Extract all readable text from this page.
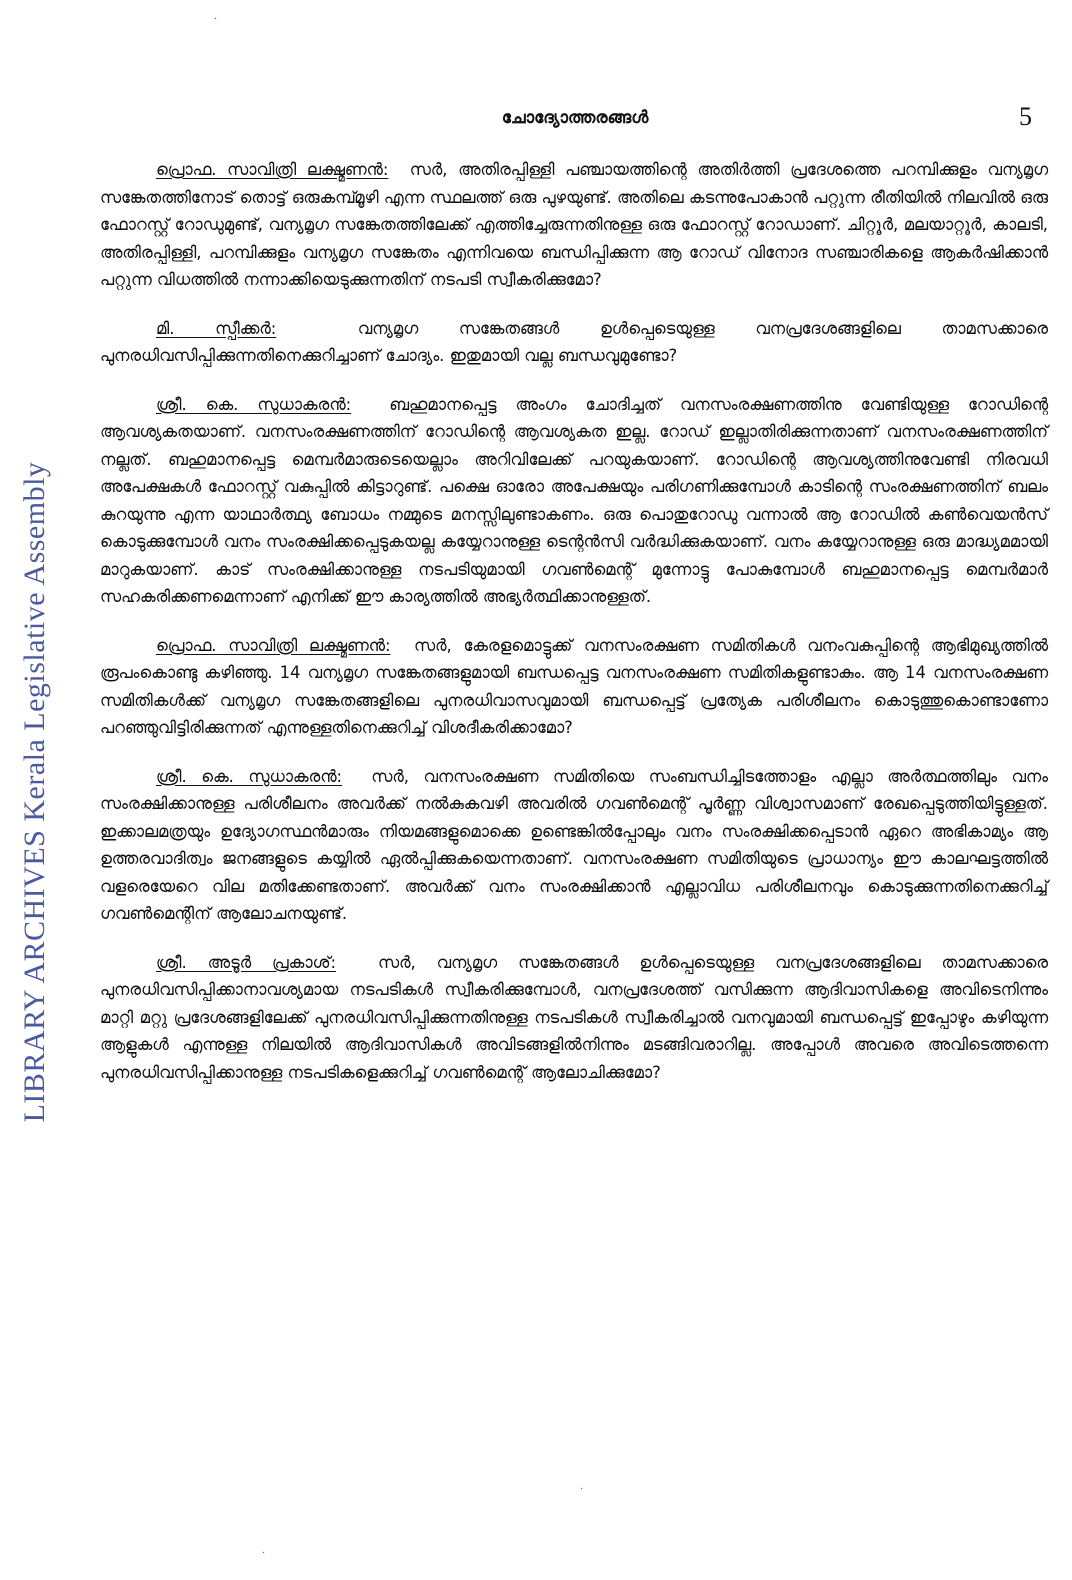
LIBRARY ARCHIVES Kerala Legislative Assembly
ചോദ്യോത്തരങ്ങൾ	5

പ്രൊഫ. സാവിത്രി ലക്ഷ്മണൻ: സർ, അതിരപ്പിള്ളി പഞ്ചായത്തിന്റെ അതിർത്തി പ്രദേശത്തെ പറമ്പിക്കുളം വന്യമൃഗ സങ്കേതത്തിനോട് തൊട്ട് ഒരുകമ്പ്മൂഴി എന്ന സ്ഥലത്ത് ഒരു പുഴയുണ്ട്. അതിലെ കടന്നുപോകാൻ പറ്റുന്ന രീതിയിൽ നിലവിൽ ഒരു ഫോറസ്റ്റ് റോഡുമുണ്ട്, വന്യമൃഗ സങ്കേതത്തിലേക്ക് എത്തിച്ചേരുന്നതിനുള്ള ഒരു ഫോറസ്റ്റ് റോഡാണ്. ചിറ്റൂർ, മലയാറ്റൂർ, കാലടി, അതിരപ്പിള്ളി, പറമ്പിക്കുളം വന്യമൃഗ സങ്കേതം എന്നിവയെ ബന്ധിപ്പിക്കുന്ന ആ റോഡ് വിനോദ സഞ്ചാരികളെ ആകർഷിക്കാൻ പറ്റുന്ന വിധത്തിൽ നന്നാക്കിയെടുക്കുന്നതിന് നടപടി സ്വീകരിക്കുമോ?

മി. സ്പീക്കർ:	വന്യമൃഗ സങ്കേതങ്ങൾ ഉൾപ്പെടെയുള്ള വനപ്രദേശങ്ങളിലെ താമസക്കാരെ പുനരധിവസിപ്പിക്കുന്നതിനെക്കുറിച്ചാണ് ചോദ്യം. ഇതുമായി വല്ല ബന്ധവുമുണ്ടോ?

ശ്രീ. കെ. സുധാകരൻ: ബഹുമാനപ്പെട്ട അംഗം ചോദിച്ചത് വനസംരക്ഷണത്തിനു വേണ്ടിയുള്ള റോഡിന്റെ ആവശ്യകതയാണ്. വനസംരക്ഷണത്തിന് റോഡിന്റെ ആവശ്യകത ഇല്ല. റോഡ് ഇല്ലാതിരിക്കുന്നതാണ് വനസംരക്ഷണത്തിന് നല്ലത്. ബഹുമാനപ്പെട്ട മെമ്പർമാരുടെയെല്ലാം അറിവിലേക്ക് പറയുകയാണ്. റോഡിന്റെ ആവശ്യത്തിനുവേണ്ടി നിരവധി അപേക്ഷകൾ ഫോറസ്റ്റ് വകുപ്പിൽ കിട്ടാറുണ്ട്. പക്ഷെ ഓരോ അപേക്ഷയും പരിഗണിക്കുമ്പോൾ കാടിന്റെ സംരക്ഷണത്തിന് ബലം കുറയുന്നു എന്ന യാഥാർത്ഥ്യ ബോധം നമ്മുടെ മനസ്സിലുണ്ടാകണം. ഒരു പൊതുറോഡു വന്നാൽ ആ റോഡിൽ കൺവെയൻസ് കൊടുക്കുമ്പോൾ വനം സംരക്ഷിക്കപ്പെടുകയല്ല കയ്യേറാനുള്ള ടെന്റൻസി വർദ്ധിക്കുകയാണ്. വനം കയ്യേറാനുള്ള ഒരു മാദ്ധ്യമമായി മാറുകയാണ്. കാട് സംരക്ഷിക്കാനുള്ള നടപടിയുമായി ഗവൺമെന്റ് മുന്നോട്ടു പോകുമ്പോൾ ബഹുമാനപ്പെട്ട മെമ്പർമാർ സഹകരിക്കണമെന്നാണ് എനിക്ക് ഈ കാര്യത്തിൽ അഭ്യർത്ഥിക്കാനുള്ളത്.

പ്രൊഫ. സാവിത്രി ലക്ഷ്മണൻ: സർ, കേരളമൊട്ടുക്ക് വനസംരക്ഷണ സമിതികൾ വനംവകുപ്പിന്റെ ആഭിമുഖ്യത്തിൽ രൂപംകൊണ്ടു കഴിഞ്ഞു. 14 വന്യമൃഗ സങ്കേതങ്ങളുമായി ബന്ധപ്പെട്ട വനസംരക്ഷണ സമിതികളുണ്ടാകും. ആ 14 വനസംരക്ഷണ സമിതികൾക്ക് വന്യമൃഗ സങ്കേതങ്ങളിലെ പുനരധിവാസവുമായി ബന്ധപ്പെട്ട് പ്രത്യേക പരിശീലനം കൊടുത്തുകൊണ്ടാണോ പറഞ്ഞുവിട്ടിരിക്കുന്നത് എന്നുള്ളതിനെക്കുറിച്ച് വിശദീകരിക്കാമോ?

ശ്രീ. കെ. സുധാകരൻ: സർ, വനസംരക്ഷണ സമിതിയെ സംബന്ധിച്ചിടത്തോളം എല്ലാ അർത്ഥത്തിലും വനം സംരക്ഷിക്കാനുള്ള പരിശീലനം അവർക്ക് നൽകുകവഴി അവരിൽ ഗവൺമെന്റ് പൂർണ്ണ വിശ്വാസമാണ് രേഖപ്പെടുത്തിയിട്ടുള്ളത്. ഇക്കാലമത്രയും ഉദ്യോഗസ്ഥൻമാരും നിയമങ്ങളുമൊക്കെ ഉണ്ടെങ്കിൽപ്പോലും വനം സംരക്ഷിക്കപ്പെടാൻ ഏറെ അഭികാമ്യം ആ ഉത്തരവാദിത്വം ജനങ്ങളുടെ കയ്യിൽ ഏൽപ്പിക്കുകയെന്നതാണ്. വനസംരക്ഷണ സമിതിയുടെ പ്രാധാന്യം ഈ കാലഘട്ടത്തിൽ വളരെയേറെ വില മതിക്കേണ്ടതാണ്. അവർക്ക് വനം സംരക്ഷിക്കാൻ എല്ലാവിധ പരിശീലനവും കൊടുക്കുന്നതിനെക്കുറിച്ച് ഗവൺമെന്റിന് ആലോചനയുണ്ട്.

ശ്രീ. അടൂർ പ്രകാശ്:	സർ, വന്യമൃഗ സങ്കേതങ്ങൾ ഉൾപ്പെടെയുള്ള വനപ്രദേശങ്ങളിലെ താമസക്കാരെ പുനരധിവസിപ്പിക്കാനാവശ്യമായ നടപടികൾ സ്വീകരിക്കുമ്പോൾ, വനപ്രദേശത്ത് വസിക്കുന്ന ആദിവാസികളെ അവിടെനിന്നും മാറ്റി മറ്റു പ്രദേശങ്ങളിലേക്ക് പുനരധിവസിപ്പിക്കുന്നതിനുള്ള നടപടികൾ സ്വീകരിച്ചാൽ വനവുമായി ബന്ധപ്പെട്ട് ഇപ്പോഴും കഴിയുന്ന ആളുകൾ എന്നുള്ള നിലയിൽ ആദിവാസികൾ അവിടങ്ങളിൽനിന്നും മടങ്ങിവരാറില്ല. അപ്പോൾ അവരെ അവിടെത്തന്നെ പുനരധിവസിപ്പിക്കാനുള്ള നടപടികളെക്കുറിച്ച് ഗവൺമെന്റ് ആലോചിക്കുമോ?

·
·
·
